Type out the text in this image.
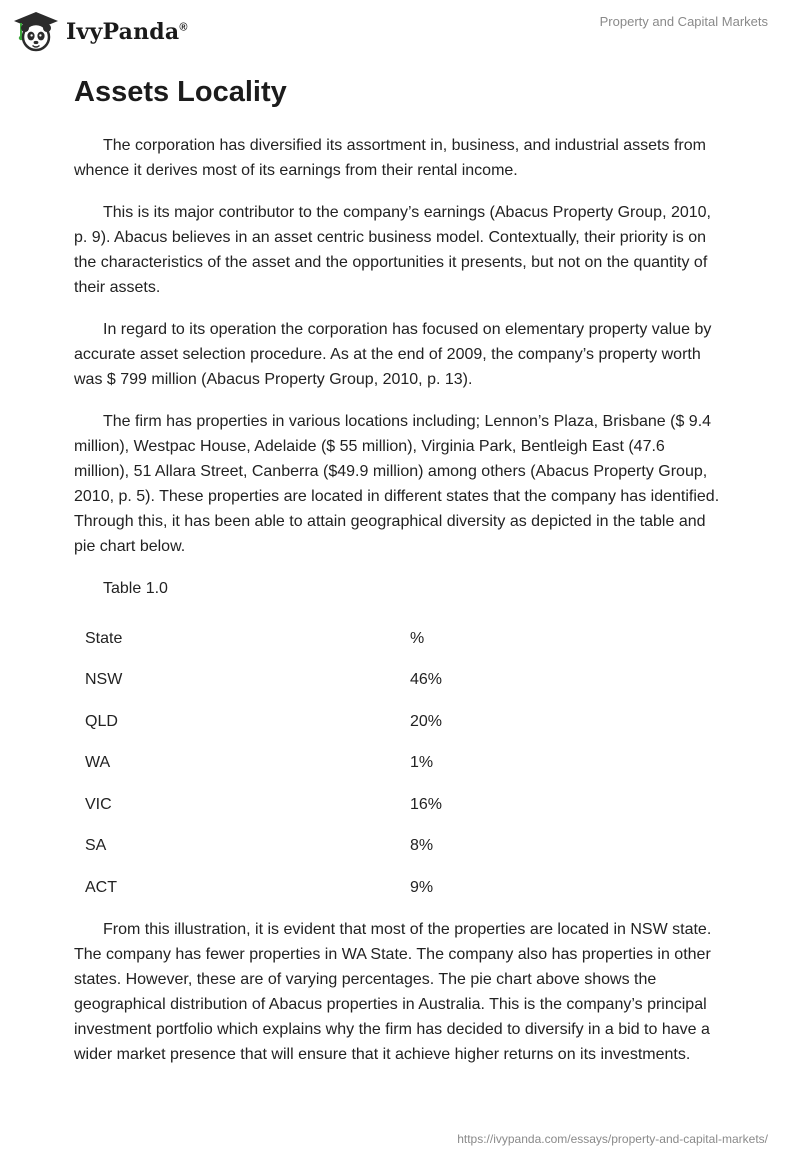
IvyPanda®	Property and Capital Markets
Assets Locality

The corporation has diversified its assortment in, business, and industrial assets from whence it derives most of its earnings from their rental income.

This is its major contributor to the company’s earnings (Abacus Property Group, 2010, p. 9). Abacus believes in an asset centric business model. Contextually, their priority is on the characteristics of the asset and the opportunities it presents, but not on the quantity of their assets.

In regard to its operation the corporation has focused on elementary property value by accurate asset selection procedure. As at the end of 2009, the company’s property worth was $ 799 million (Abacus Property Group, 2010, p. 13).

The firm has properties in various locations including; Lennon’s Plaza, Brisbane ($ 9.4 million), Westpac House, Adelaide ($ 55 million), Virginia Park, Bentleigh East (47.6 million), 51 Allara Street, Canberra ($49.9 million) among others (Abacus Property Group, 2010, p. 5). These properties are located in different states that the company has identified. Through this, it has been able to attain geographical diversity as depicted in the table and pie chart below.

Table 1.0

State	%
NSW	46%
QLD	20%
WA	1%
VIC	16%
SA	8%
ACT	9%

From this illustration, it is evident that most of the properties are located in NSW state. The company has fewer properties in WA State. The company also has properties in other states. However, these are of varying percentages. The pie chart above shows the geographical distribution of Abacus properties in Australia. This is the company’s principal investment portfolio which explains why the firm has decided to diversify in a bid to have a wider market presence that will ensure that it achieve higher returns on its investments.

https://ivypanda.com/essays/property-and-capital-markets/
